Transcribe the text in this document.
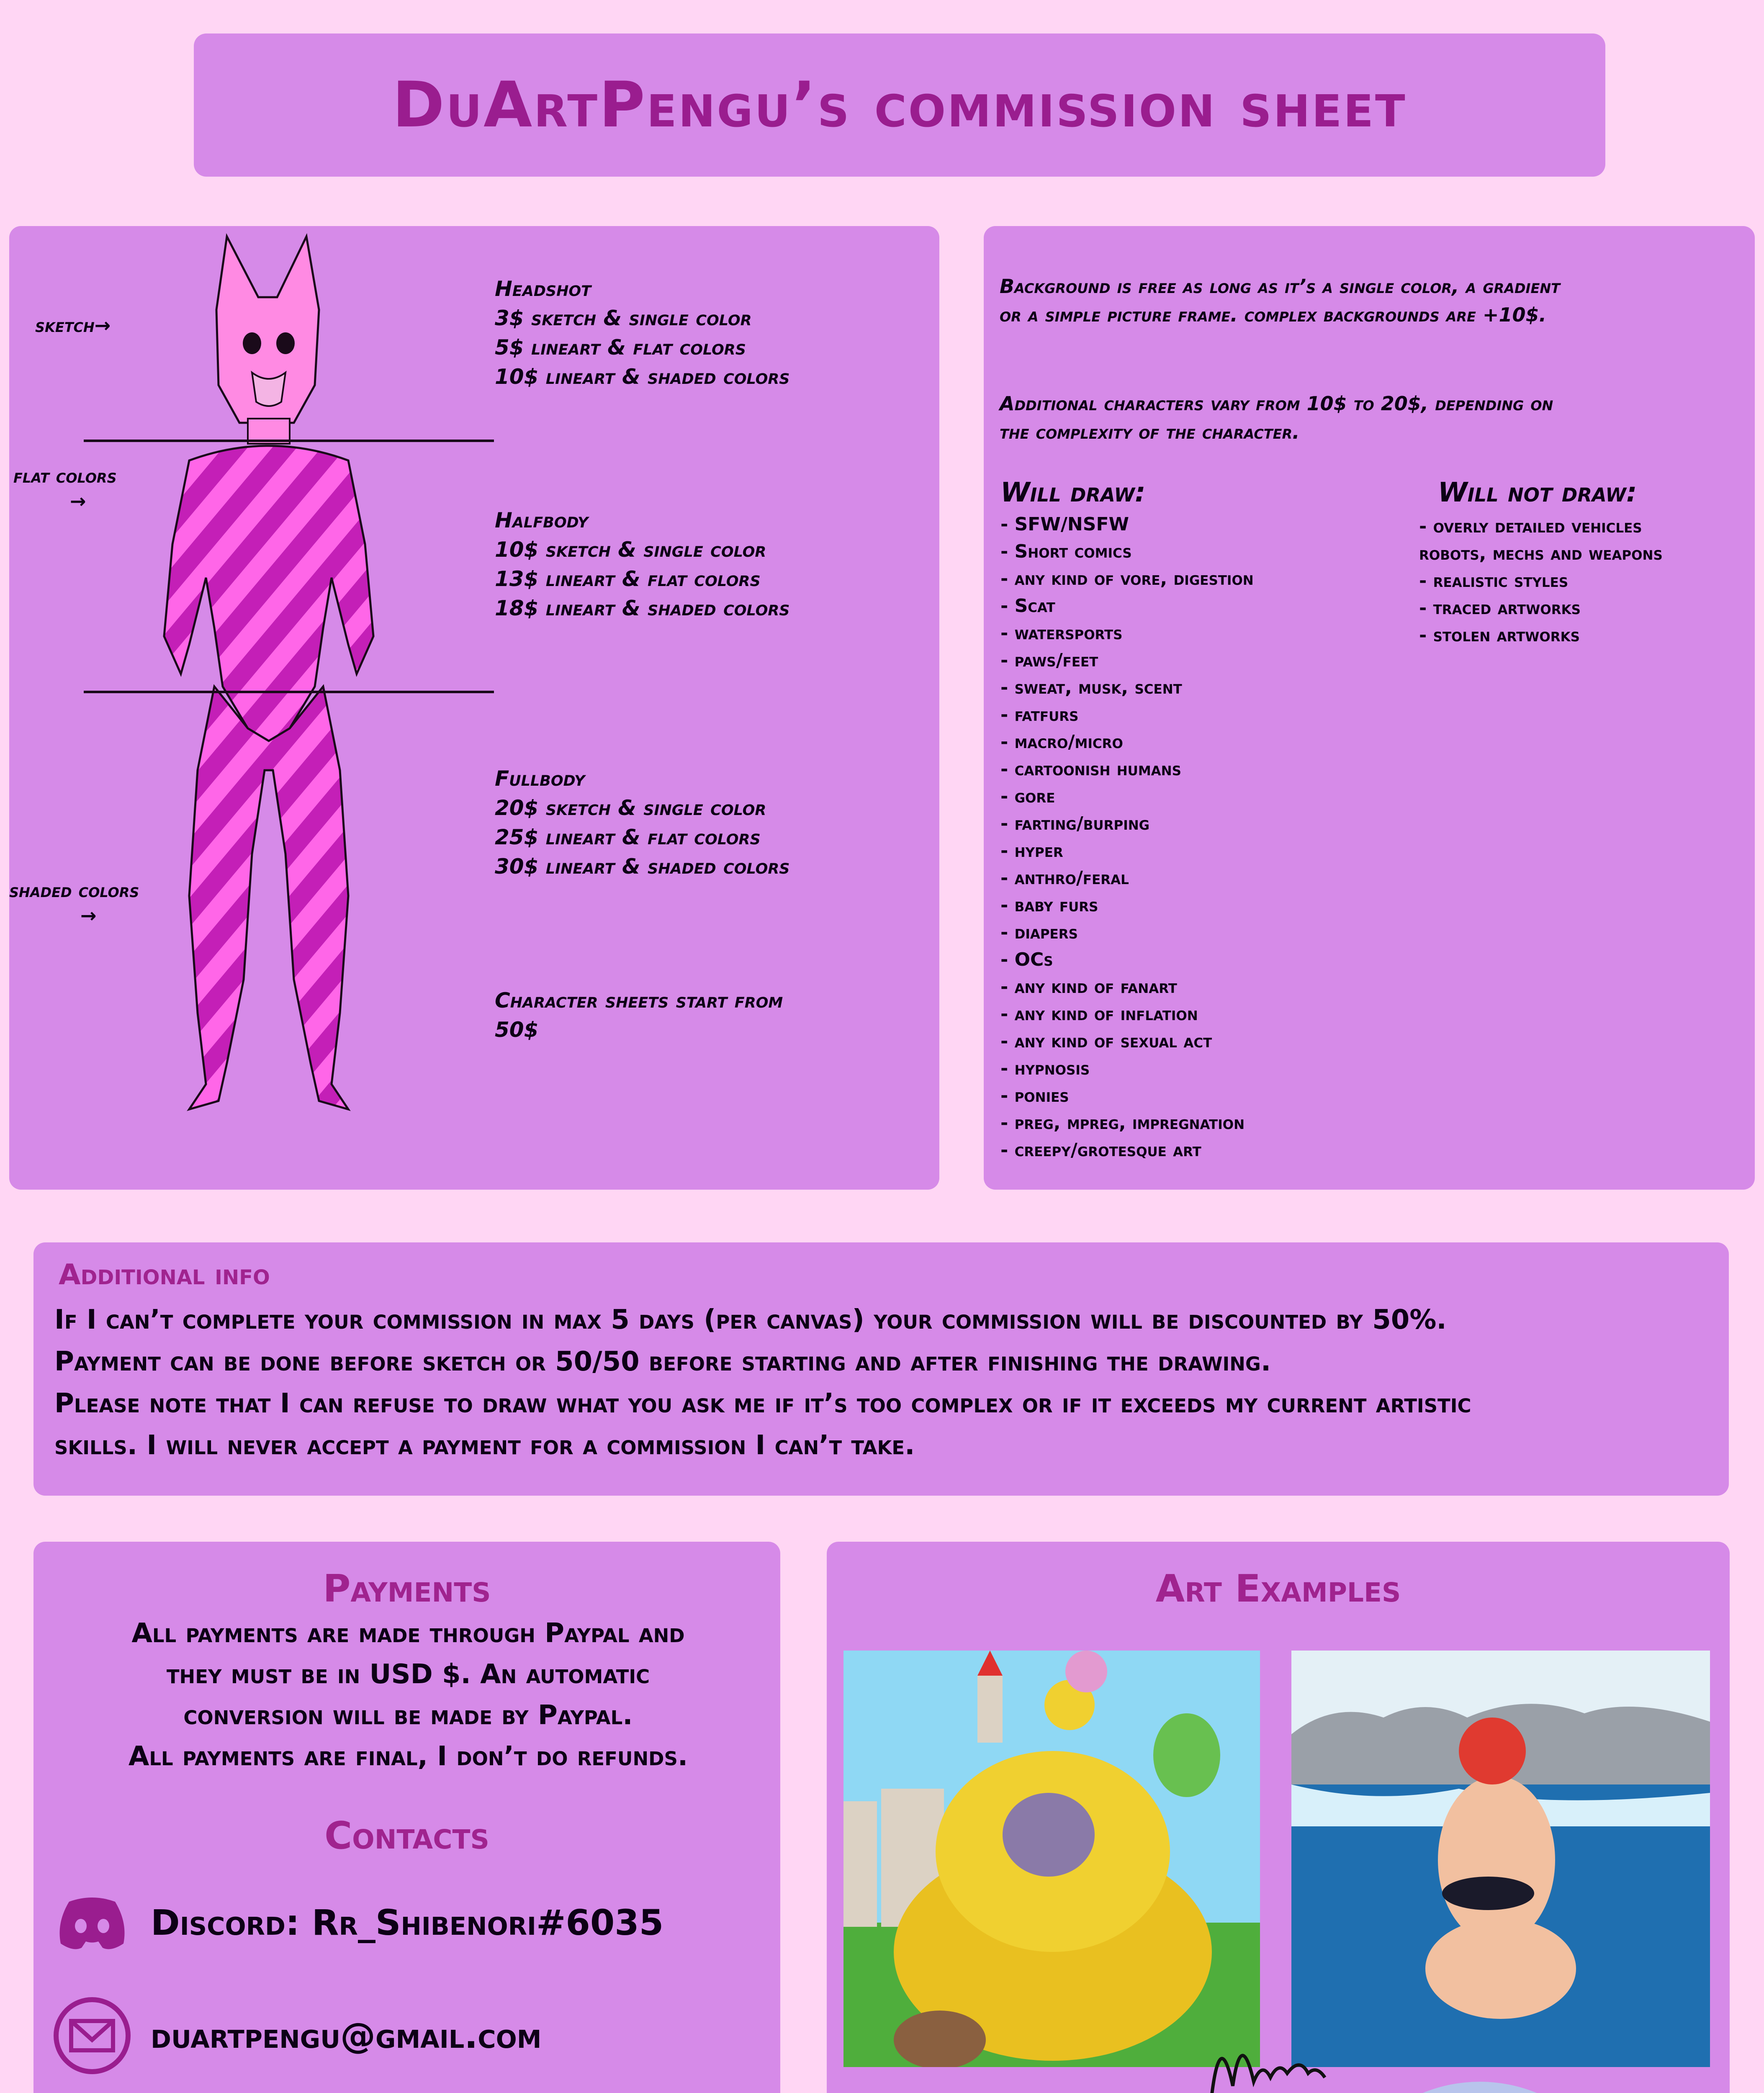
DuArtPengu’s commission sheet
sketch→
flat colors
→
shaded colors
→
Headshot
3$ sketch & single color
5$ lineart & flat colors
10$ lineart & shaded colors
Halfbody
10$ sketch & single color
13$ lineart & flat colors
18$ lineart & shaded colors
Fullbody
20$ sketch & single color
25$ lineart & flat colors
30$ lineart & shaded colors
Character sheets start from
50$
Background is free as long as it’s a single color, a gradient
or a simple picture frame. complex backgrounds are +10$.
Additional characters vary from 10$ to 20$, depending on
the complexity of the character.
Will draw:
- SFW/NSFW
- Short comics
- any kind of vore, digestion
- Scat
- watersports
- paws/feet
- sweat, musk, scent
- fatfurs
- macro/micro
- cartoonish humans
- gore
- farting/burping
- hyper
- anthro/feral
- baby furs
- diapers
- OCs
- any kind of fanart
- any kind of inflation
- any kind of sexual act
- hypnosis
- ponies
- preg, mpreg, impregnation
- creepy/grotesque art
Will not draw:
- overly detailed vehicles
robots, mechs and weapons
- realistic styles
- traced artworks
- stolen artworks
Additional info
If I can’t complete your commission in max 5 days (per canvas) your commission will be discounted by 50%.
Payment can be done before sketch or 50/50 before starting and after finishing the drawing.
Please note that I can refuse to draw what you ask me if it’s too complex or if it exceeds my current artistic
skills. I will never accept a payment for a commission I can’t take.
Payments
All payments are made through Paypal and
they must be in USD $. An automatic
conversion will be made by Paypal.
All payments are final, I don’t do refunds.
Contacts
Discord: Rr_Shibenori#6035
duartpengu@gmail.com
Art Examples
